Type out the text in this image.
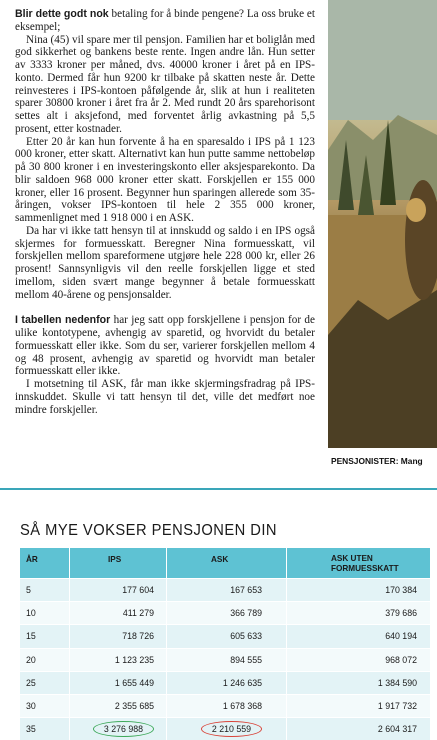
Blir dette godt nok betaling for å binde pengene? La oss bruke et eksempel;

Nina (45) vil spare mer til pensjon. Familien har et boliglån med god sikkerhet og bankens beste rente. Ingen andre lån. Hun setter av 3333 kroner per måned, dvs. 40000 kroner i året på en IPS-konto. Dermed får hun 9200 kr tilbake på skatten neste år. Dette reinvesteres i IPS-kontoen påfølgende år, slik at hun i realiteten sparer 30800 kroner i året fra år 2. Med rundt 20 års sparehorisont settes alt i aksjefond, med forventet årlig avkastning på 5,5 prosent, etter kostnader.

Etter 20 år kan hun forvente å ha en sparesaldo i IPS på 1 123 000 kroner, etter skatt. Alternativt kan hun putte samme nettobeløp på 30 800 kroner i en investeringskonto eller aksjesparekonto. Da blir saldoen 968 000 kroner etter skatt. Forskjellen er 155 000 kroner, eller 16 prosent. Begynner hun sparingen allerede som 35-åringen, vokser IPS-kontoen til hele 2 355 000 kroner, sammenlignet med 1 918 000 i en ASK.

Da har vi ikke tatt hensyn til at innskudd og saldo i en IPS også skjermes for formuesskatt. Beregner Nina formuesskatt, vil forskjellen mellom spareformene utgjøre hele 228 000 kr, eller 26 prosent! Sannsynligvis vil den reelle forskjellen ligge et sted imellom, siden svært mange begynner å betale formuesskatt mellom 40-årene og pensjonsalder.

I tabellen nedenfor har jeg satt opp forskjellene i pensjon for de ulike kontotypene, avhengig av sparetid, og hvorvidt du betaler formuesskatt eller ikke. Som du ser, varierer forskjellen mellom 4 og 48 prosent, avhengig av sparetid og hvorvidt man betaler formuesskatt eller ikke.

I motsetning til ASK, får man ikke skjermingsfradrag på IPS-innskuddet. Skulle vi tatt hensyn til det, ville det medført noe mindre forskjeller.

PENSJONISTER: Mang
SÅ MYE VOKSER PENSJONEN DIN
ÅR	IPS	ASK	ASK UTEN
FORMUESSKATT
5	177 604	167 653	170 384
10	411 279	366 789	379 686
15	718 726	605 633	640 194
20	1 123 235	894 555	968 072
25	1 655 449	1 246 635	1 384 590
30	2 355 685	1 678 368	1 917 732
35	3 276 988	2 210 559	2 604 317
